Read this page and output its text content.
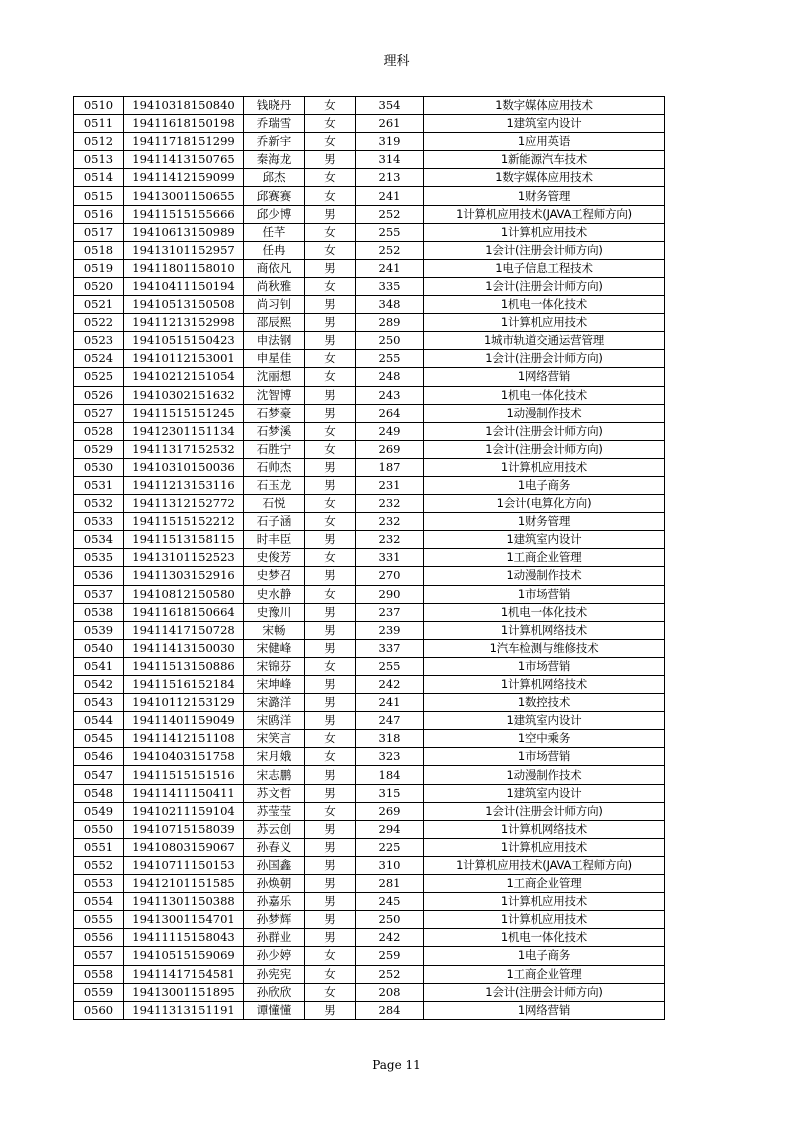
理科
0510	19410318150840	钱晓丹	女	354	1数字媒体应用技术
0511	19411618150198	乔瑞雪	女	261	1建筑室内设计
0512	19411718151299	乔新宇	女	319	1应用英语
0513	19411413150765	秦海龙	男	314	1新能源汽车技术
0514	19411412159099	邱杰	女	213	1数字媒体应用技术
0515	19413001150655	邱赛赛	女	241	1财务管理
0516	19411515155666	邱少博	男	252	1计算机应用技术(JAVA工程师方向)
0517	19410613150989	任芊	女	255	1计算机应用技术
0518	19413101152957	任冉	女	252	1会计(注册会计师方向)
0519	19411801158010	商依凡	男	241	1电子信息工程技术
0520	19410411150194	尚秋雅	女	335	1会计(注册会计师方向)
0521	19410513150508	尚习钊	男	348	1机电一体化技术
0522	19411213152998	邵辰熙	男	289	1计算机应用技术
0523	19410515150423	申法钢	男	250	1城市轨道交通运营管理
0524	19410112153001	申星佳	女	255	1会计(注册会计师方向)
0525	19410212151054	沈丽想	女	248	1网络营销
0526	19410302151632	沈智博	男	243	1机电一体化技术
0527	19411515151245	石梦豪	男	264	1动漫制作技术
0528	19412301151134	石梦溪	女	249	1会计(注册会计师方向)
0529	19411317152532	石胜宁	女	269	1会计(注册会计师方向)
0530	19410310150036	石帅杰	男	187	1计算机应用技术
0531	19411213153116	石玉龙	男	231	1电子商务
0532	19411312152772	石悦	女	232	1会计(电算化方向)
0533	19411515152212	石子涵	女	232	1财务管理
0534	19411513158115	时丰臣	男	232	1建筑室内设计
0535	19413101152523	史俊芳	女	331	1工商企业管理
0536	19411303152916	史梦召	男	270	1动漫制作技术
0537	19410812150580	史水静	女	290	1市场营销
0538	19411618150664	史豫川	男	237	1机电一体化技术
0539	19411417150728	宋畅	男	239	1计算机网络技术
0540	19411413150030	宋健峰	男	337	1汽车检测与维修技术
0541	19411513150886	宋锦芬	女	255	1市场营销
0542	19411516152184	宋坤峰	男	242	1计算机网络技术
0543	19410112153129	宋潞洋	男	241	1数控技术
0544	19411401159049	宋鸥洋	男	247	1建筑室内设计
0545	19411412151108	宋笑言	女	318	1空中乘务
0546	19410403151758	宋月娥	女	323	1市场营销
0547	19411515151516	宋志鹏	男	184	1动漫制作技术
0548	19411411150411	苏文哲	男	315	1建筑室内设计
0549	19410211159104	苏莹莹	女	269	1会计(注册会计师方向)
0550	19410715158039	苏云创	男	294	1计算机网络技术
0551	19410803159067	孙春义	男	225	1计算机应用技术
0552	19410711150153	孙国鑫	男	310	1计算机应用技术(JAVA工程师方向)
0553	19412101151585	孙焕朝	男	281	1工商企业管理
0554	19411301150388	孙嘉乐	男	245	1计算机应用技术
0555	19413001154701	孙梦辉	男	250	1计算机应用技术
0556	19411115158043	孙群业	男	242	1机电一体化技术
0557	19410515159069	孙少婷	女	259	1电子商务
0558	19411417154581	孙宪宪	女	252	1工商企业管理
0559	19413001151895	孙欣欣	女	208	1会计(注册会计师方向)
0560	19411313151191	谭懂懂	男	284	1网络营销
Page 11
